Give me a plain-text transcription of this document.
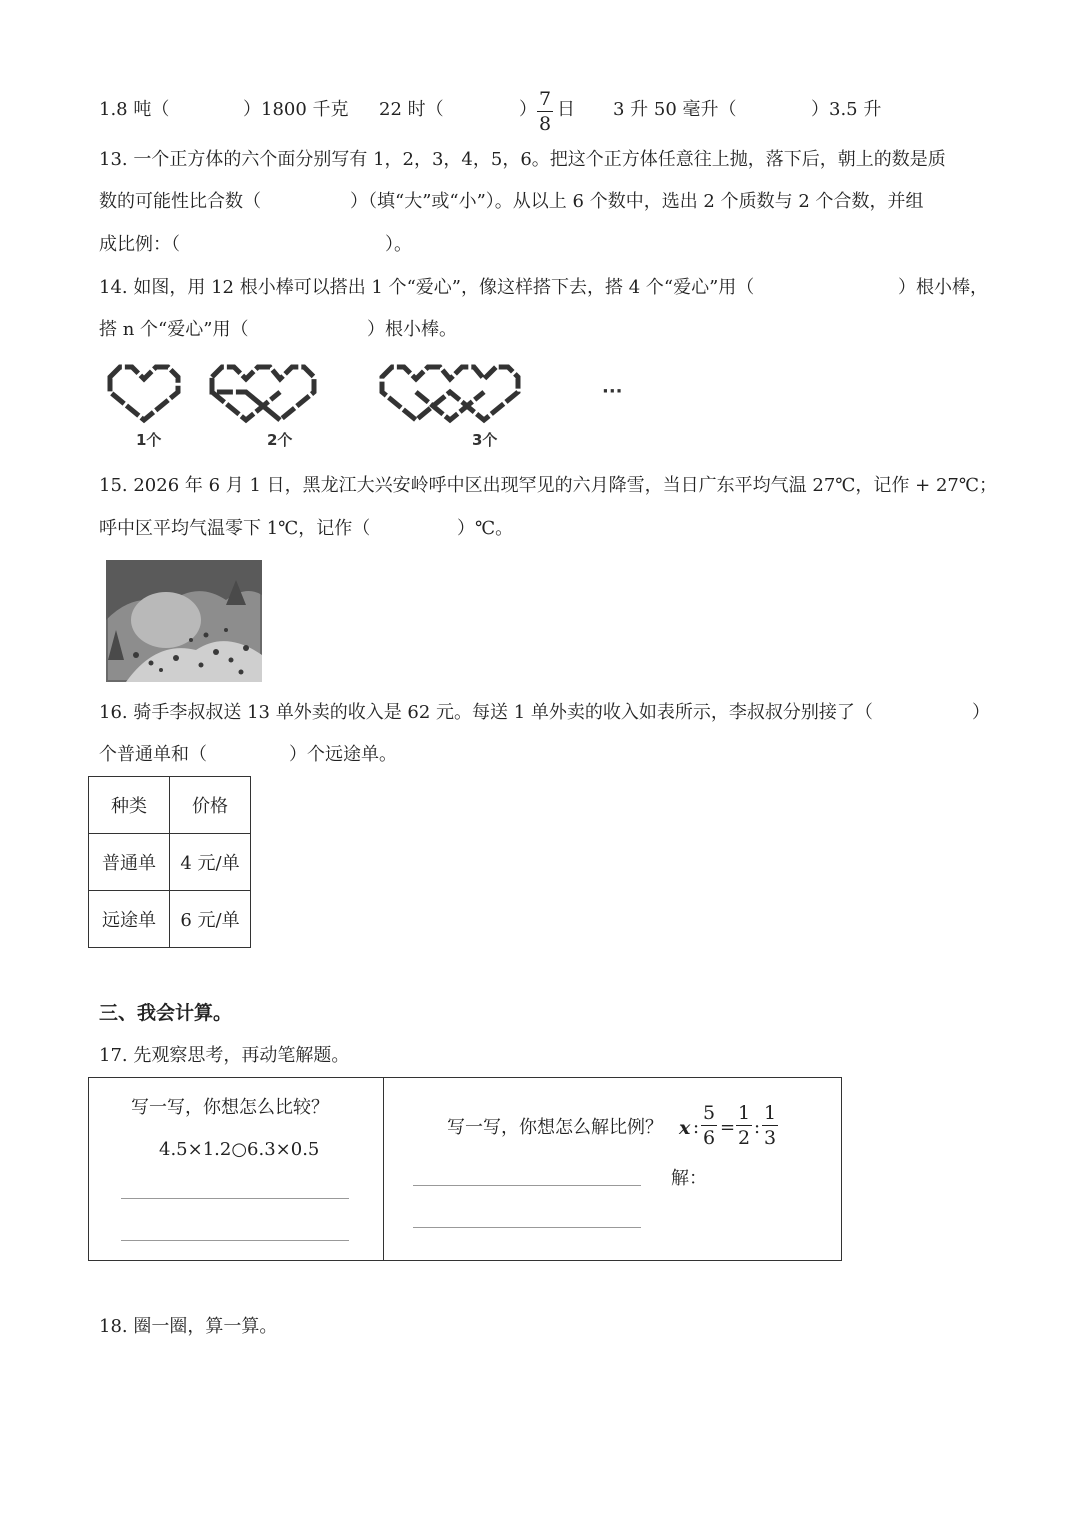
1.8 吨（	）1800 千克 22 时（	） 7
8
日 3 升 50 毫升（	）3.5 升
13. 一个正方体的六个面分别写有 1，2，3，4，5，6。把这个正方体任意往上抛，落下后，朝上的数是质
数的可能性比合数（	）（填“大”或“小”）。从以上 6 个数中，选出 2 个质数与 2 个合数，并组
成比例：（	）。
14. 如图，用 12 根小棒可以搭出 1 个“爱心”，像这样搭下去，搭 4 个“爱心”用（	）根小棒，
搭 n 个“爱心”用（	）根小棒。
···
1个	2个	3个
15. 2026 年 6 月 1 日，黑龙江大兴安岭呼中区出现罕见的六月降雪，当日广东平均气温 27℃，记作 + 27℃；
呼中区平均气温零下 1℃，记作（	）℃。
16. 骑手李叔叔送 13 单外卖的收入是 62 元。每送 1 单外卖的收入如表所示，李叔叔分别接了（	）
个普通单和（	）个远途单。
种类	价格
普通单	4 元/单
远途单	6 元/单
三、我会计算。
17. 先观察思考，再动笔解题。
写一写，你想怎么比较？
4.5×1.2○6.3×0.5
写一写，你想怎么解比例？ x :
5
6 =
1
2 :
1
3
解：
18. 圈一圈，算一算。
